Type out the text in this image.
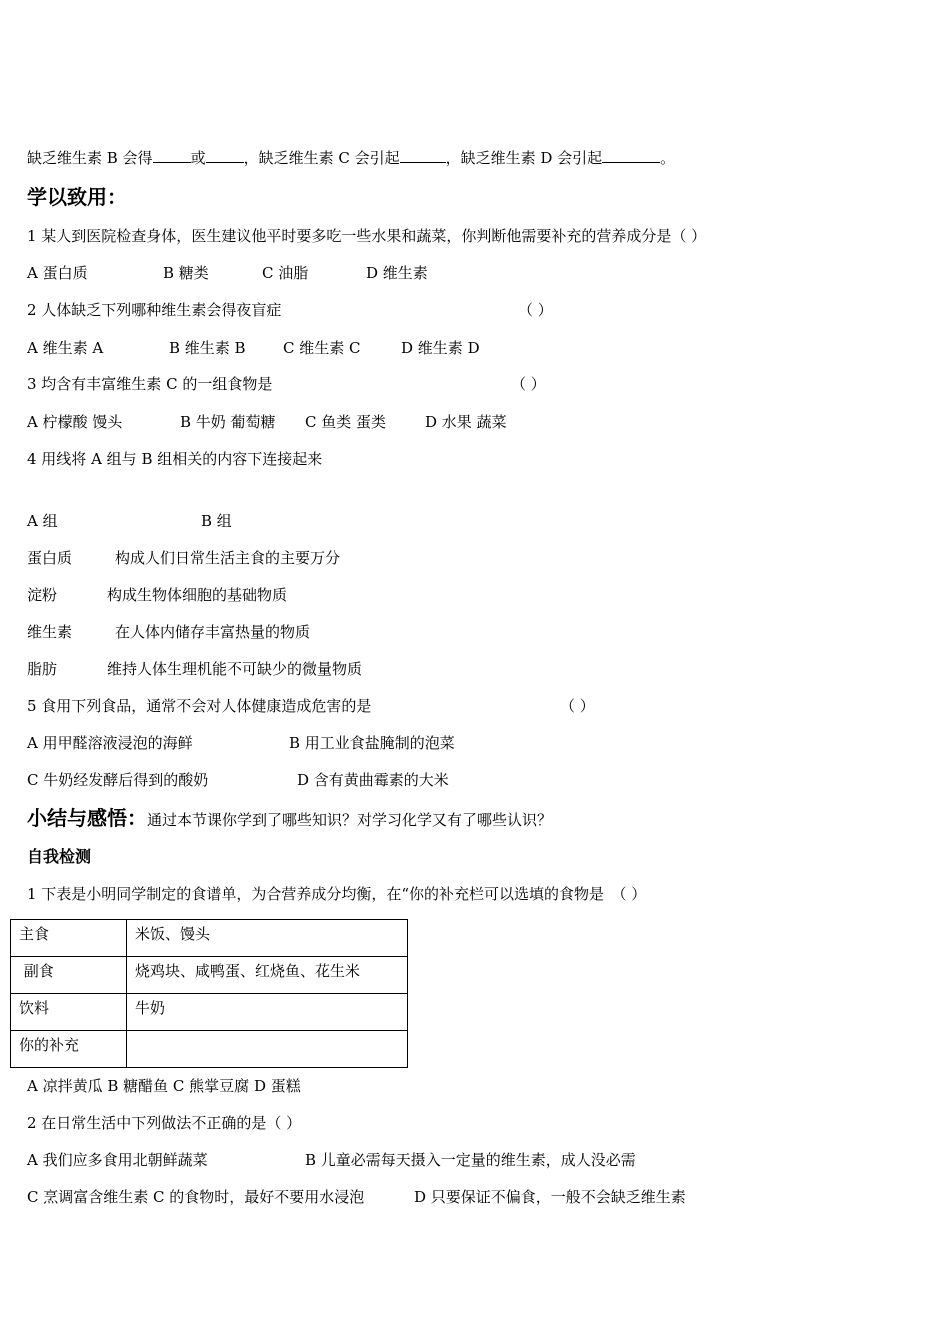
缺乏维生素 B 会得	或	，缺乏维生素 C 会引起	，缺乏维生素 D 会引起	。
学以致用：
1 某人到医院检查身体，医生建议他平时要多吃一些水果和蔬菜，你判断他需要补充的营养成分是（ ）
A 蛋白质	B 糖类	C 油脂	D 维生素
2 人体缺乏下列哪种维生素会得夜盲症	（ ）
A 维生素 A	B 维生素 B C 维生素 C	D 维生素 D
3 均含有丰富维生素 C 的一组食物是	（ ）
A 柠檬酸 馒头	B 牛奶 葡萄糖 C 鱼类 蛋类	D 水果 蔬菜
4 用线将 A 组与 B 组相关的内容下连接起来
A 组	B 组
蛋白质	构成人们日常生活主食的主要万分
淀粉	构成生物体细胞的基础物质
维生素	在人体内储存丰富热量的物质
脂肪	维持人体生理机能不可缺少的微量物质
5 食用下列食品，通常不会对人体健康造成危害的是	（ ）
A 用甲醛溶液浸泡的海鲜	B 用工业食盐腌制的泡菜
C 牛奶经发酵后得到的酸奶	D 含有黄曲霉素的大米
小结与感悟：通过本节课你学到了哪些知识？对学习化学又有了哪些认识？
自我检测
1 下表是小明同学制定的食谱单，为合营养成分均衡，在“你的补充栏可以选填的食物是　（ ）
主食	米饭、馒头
副食	烧鸡块、咸鸭蛋、红烧鱼、花生米
饮料	牛奶
你的补充	
A 凉拌黄瓜 B 糖醋鱼 C 熊掌豆腐 D 蛋糕
2 在日常生活中下列做法不正确的是（ ）
A 我们应多食用北朝鲜蔬菜	B 儿童必需每天摄入一定量的维生素，成人没必需
C 烹调富含维生素 C 的食物时，最好不要用水浸泡	D 只要保证不偏食，一般不会缺乏维生素
